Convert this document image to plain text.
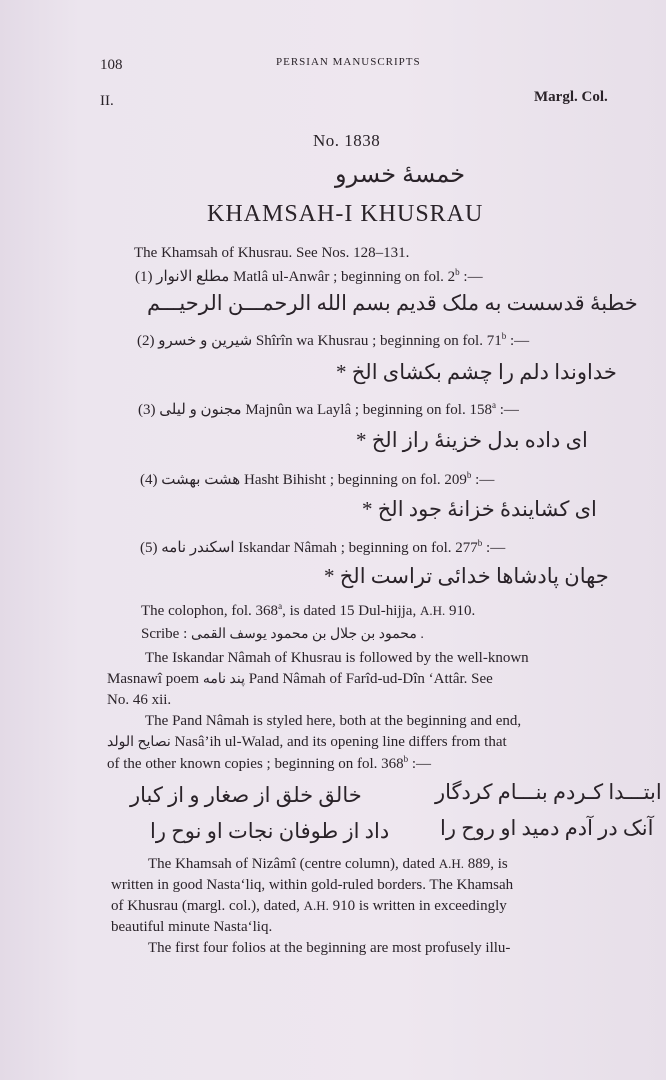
108	PERSIAN MANUSCRIPTS
II.	Margl. Col.
No. 1838
خمسهٔ خسرو
KHAMSAH-I KHUSRAU
The Khamsah of Khusrau. See Nos. 128–131.
(1) مطلع الانوار Matlâ ul-Anwâr ; beginning on fol. 2$^b$ :—
خطبهٔ قدسست به ملک قدیم بسم الله الرحمـــن الرحیـــم
(2) شیرین و خسرو Shîrîn wa Khusrau ; beginning on fol. 71$^b$ :—
خداوندا دلم را چشم بکشای الخ *
(3) مجنون و لیلی Majnûn wa Laylâ ; beginning on fol. 158$^a$ :—
ای داده بدل خزینهٔ راز الخ *
(4) هشت بهشت Hasht Bihisht ; beginning on fol. 209$^b$ :—
ای کشایندهٔ خزانهٔ جود الخ *
(5) اسکندر نامه Iskandar Nâmah ; beginning on fol. 277$^b$ :—
جهان پادشاها خدائی تراست الخ *
The colophon, fol. 368$^a$, is dated 15 Dul-hijja, A.H. 910.
Scribe : محمود بن جلال بن محمود یوسف القمی .
The Iskandar Nâmah of Khusrau is followed by the well-known
Masnawî poem پند نامه Pand Nâmah of Farîd-ud-Dîn ‘Attâr. See
No. 46 xii.
The Pand Nâmah is styled here, both at the beginning and end,
نصایح الولد Nasâ’ih ul-Walad, and its opening line differs from that
of the other known copies ; beginning on fol. 368$^b$ :—
ابتـــدا کـردم بنـــام کردگار
خالق خلق از صغار و از کبار
آنک در آدم دمید او روح را
داد از طوفان نجات او نوح را
The Khamsah of Nizâmî (centre column), dated A.H. 889, is
written in good Nasta‘liq, within gold-ruled borders. The Khamsah
of Khusrau (margl. col.), dated, A.H. 910 is written in exceedingly
beautiful minute Nasta‘liq.
The first four folios at the beginning are most profusely illu-
